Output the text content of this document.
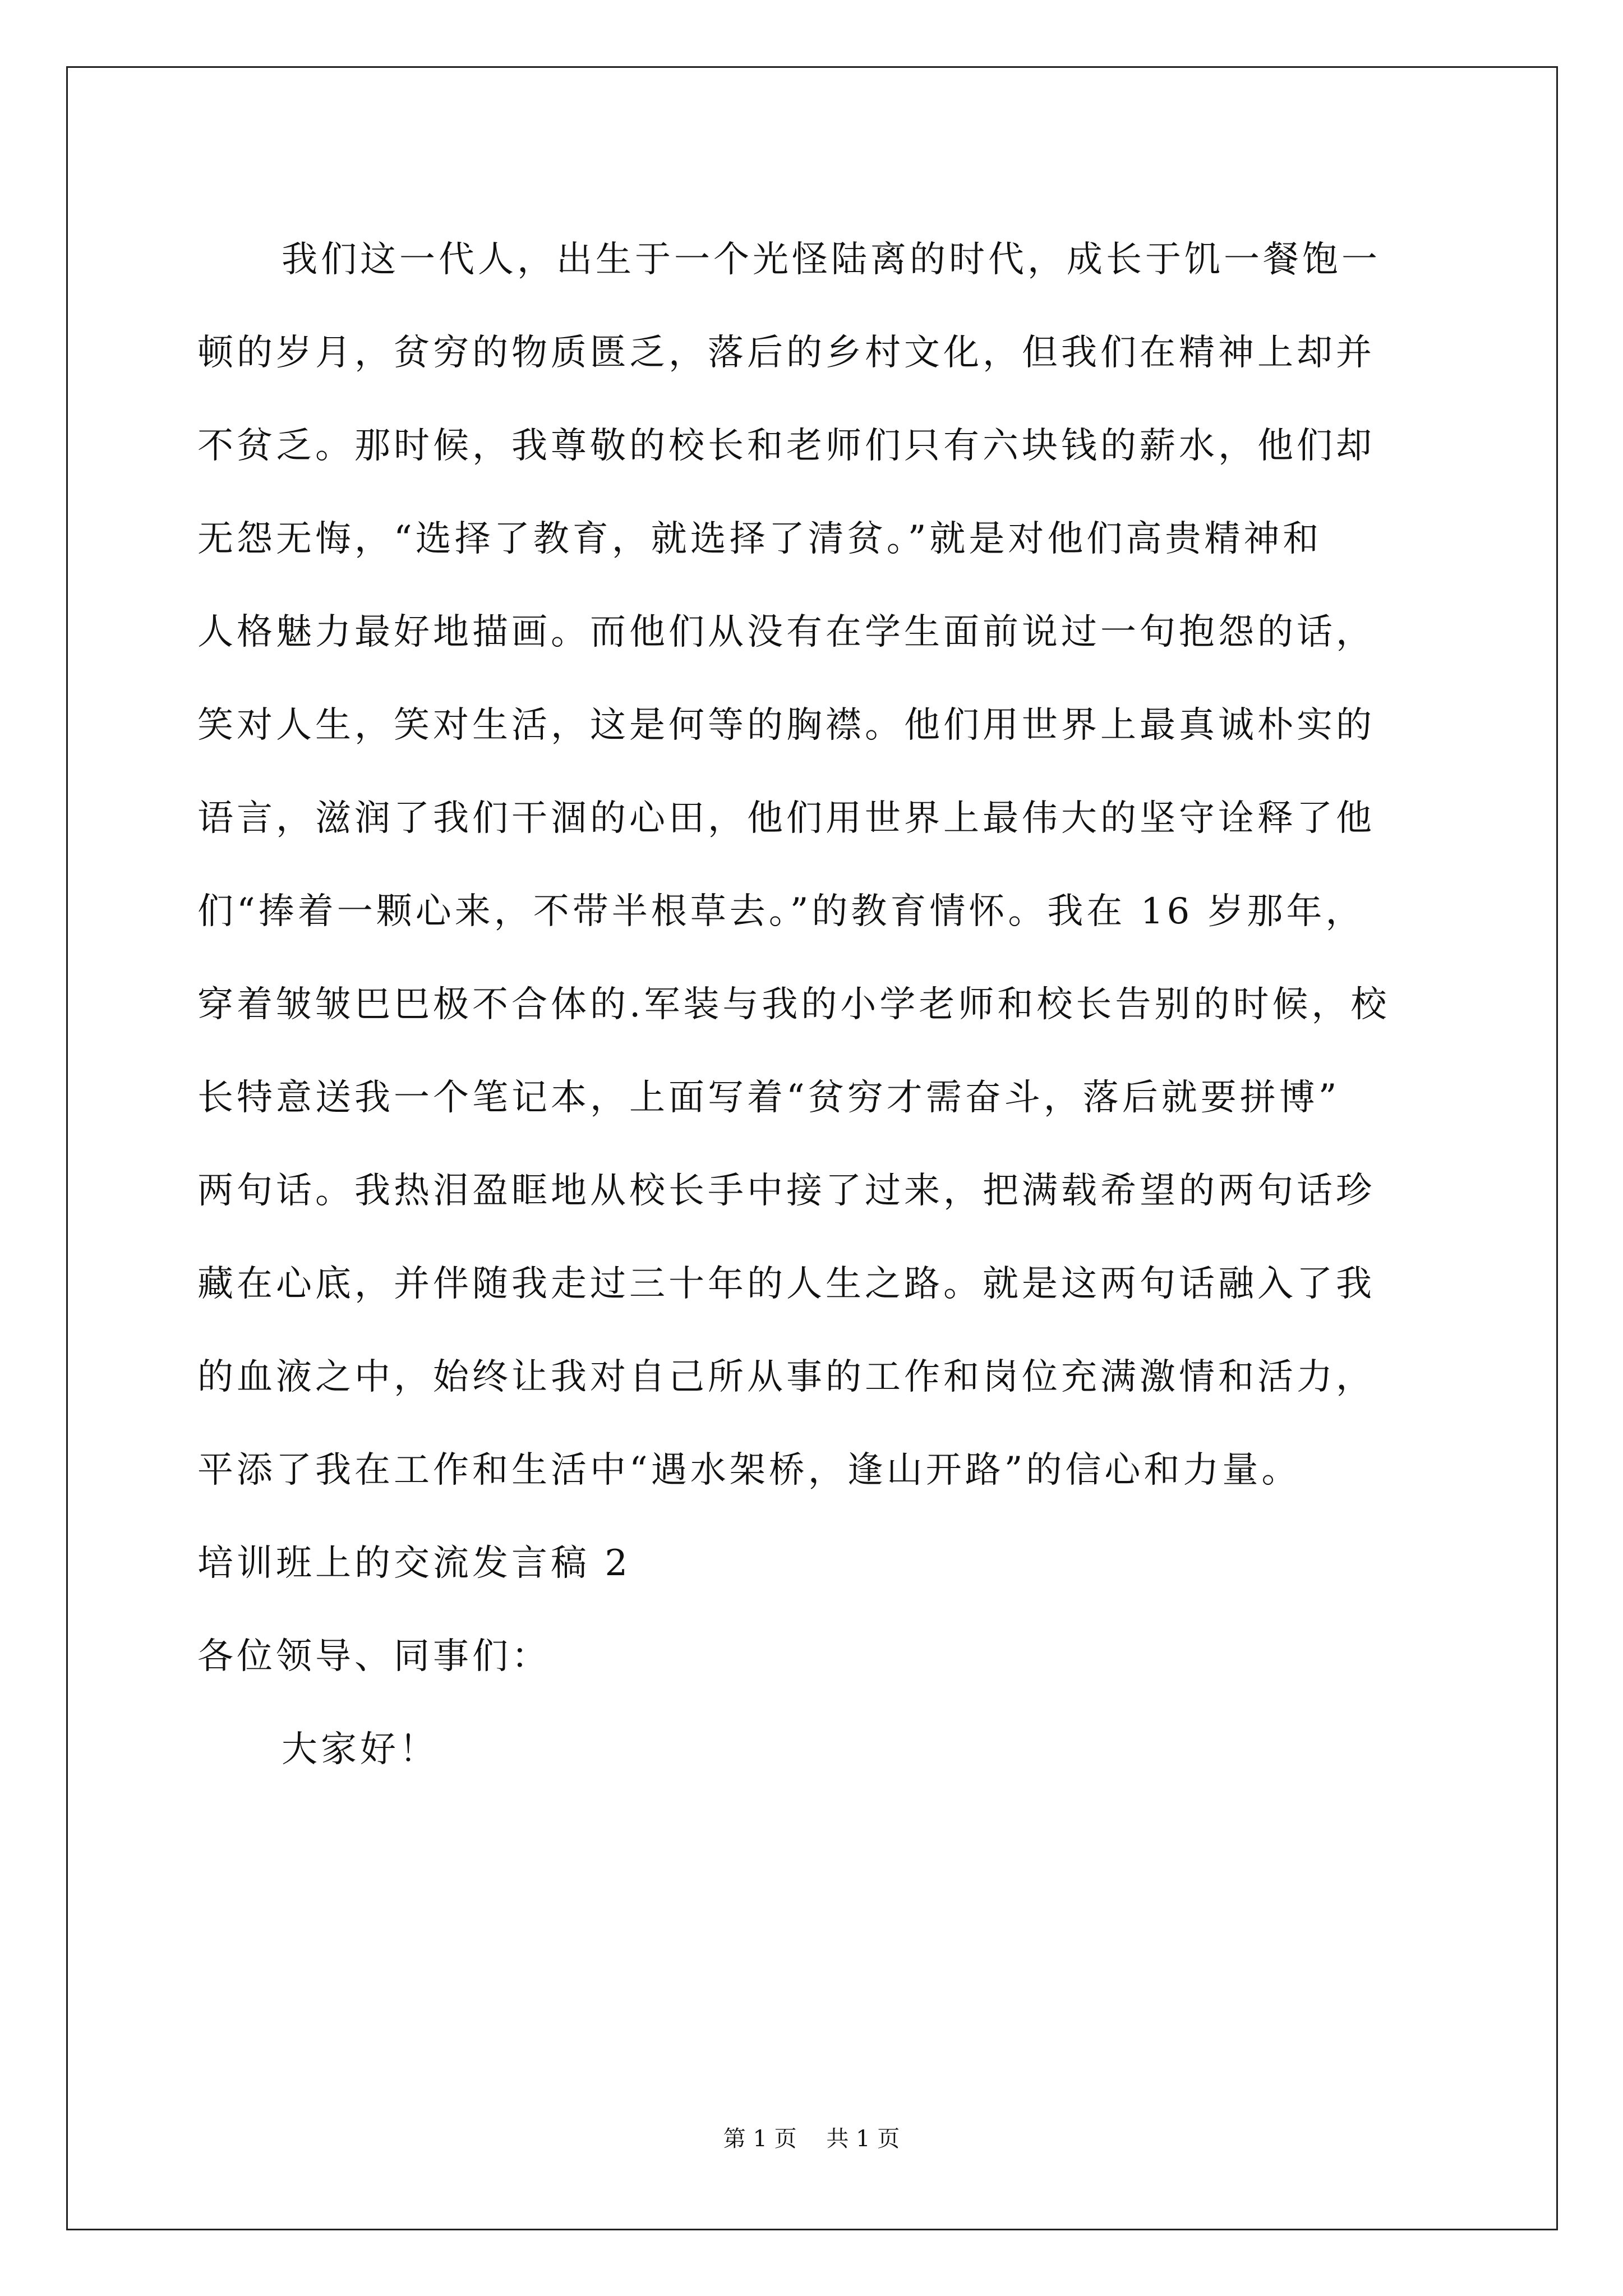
我们这一代人，出生于一个光怪陆离的时代，成长于饥一餐饱一
顿的岁月，贫穷的物质匮乏，落后的乡村文化，但我们在精神上却并
不贫乏。那时候，我尊敬的校长和老师们只有六块钱的薪水，他们却
无怨无悔，“选择了教育，就选择了清贫。”就是对他们高贵精神和
人格魅力最好地描画。而他们从没有在学生面前说过一句抱怨的话，
笑对人生，笑对生活，这是何等的胸襟。他们用世界上最真诚朴实的
语言，滋润了我们干涸的心田，他们用世界上最伟大的坚守诠释了他
们“捧着一颗心来，不带半根草去。”的教育情怀。我在 16 岁那年，
穿着皱皱巴巴极不合体的.军装与我的小学老师和校长告别的时候，校
长特意送我一个笔记本，上面写着“贫穷才需奋斗，落后就要拼博”
两句话。我热泪盈眶地从校长手中接了过来，把满载希望的两句话珍
藏在心底，并伴随我走过三十年的人生之路。就是这两句话融入了我
的血液之中，始终让我对自己所从事的工作和岗位充满激情和活力，
平添了我在工作和生活中“遇水架桥，逢山开路”的信心和力量。
培训班上的交流发言稿 2
各位领导、同事们：
大家好！
第 1 页 共 1 页
